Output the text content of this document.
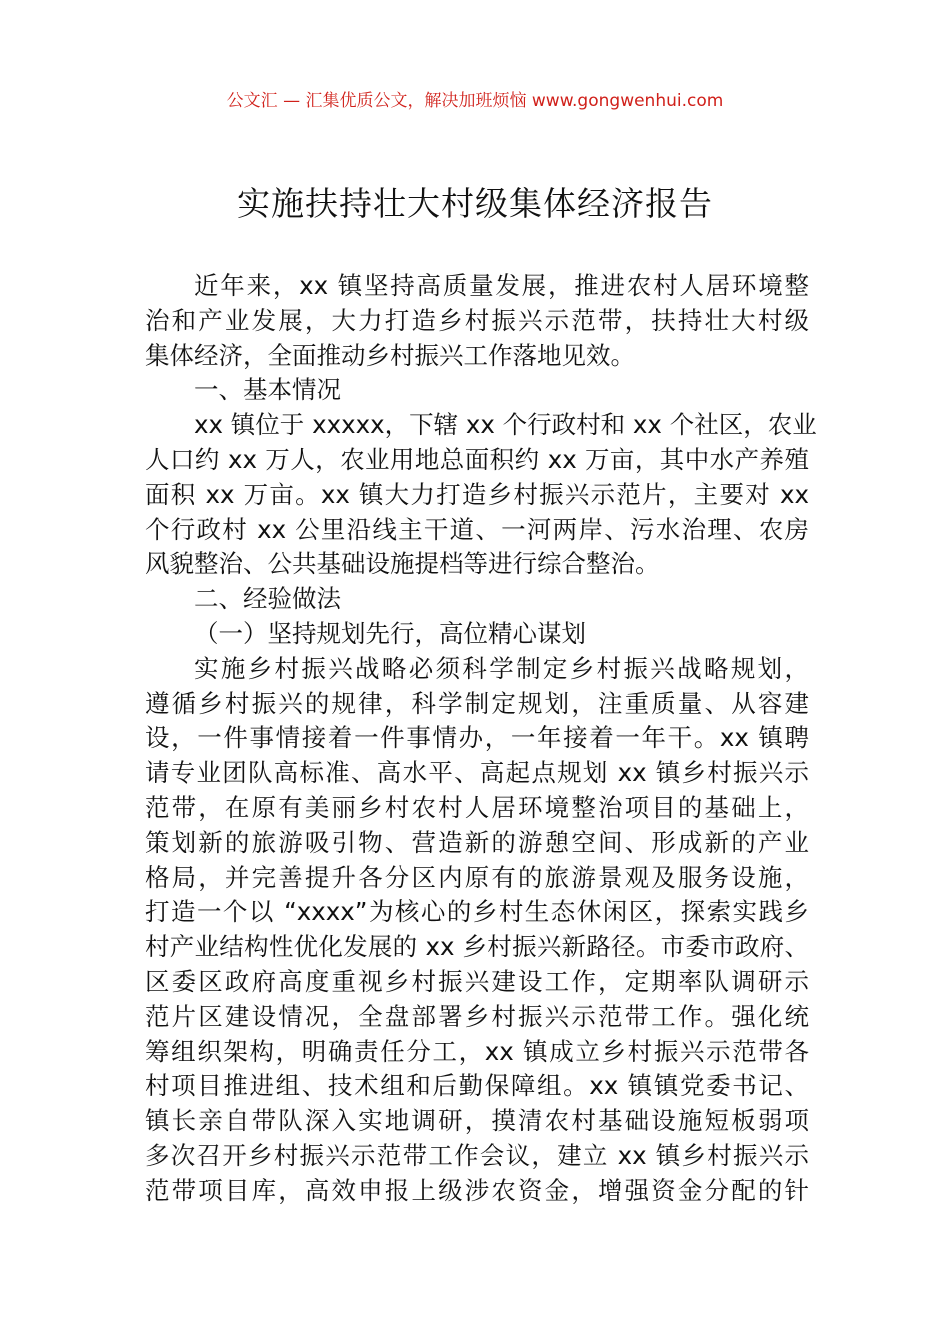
公文汇 — 汇集优质公文，解决加班烦恼 www.gongwenhui.com
实施扶持壮大村级集体经济报告
近年来，xx 镇坚持高质量发展，推进农村人居环境整
治和产业发展，大力打造乡村振兴示范带，扶持壮大村级
集体经济，全面推动乡村振兴工作落地见效。
一、基本情况
xx 镇位于 xxxxx，下辖 xx 个行政村和 xx 个社区，农业
人口约 xx 万人，农业用地总面积约 xx 万亩，其中水产养殖
面积 xx 万亩。xx 镇大力打造乡村振兴示范片，主要对 xx
个行政村 xx 公里沿线主干道、一河两岸、污水治理、农房
风貌整治、公共基础设施提档等进行综合整治。
二、经验做法
（一）坚持规划先行，高位精心谋划
实施乡村振兴战略必须科学制定乡村振兴战略规划，
遵循乡村振兴的规律，科学制定规划，注重质量、从容建
设，一件事情接着一件事情办，一年接着一年干。xx 镇聘
请专业团队高标准、高水平、高起点规划 xx 镇乡村振兴示
范带，在原有美丽乡村农村人居环境整治项目的基础上，
策划新的旅游吸引物、营造新的游憩空间、形成新的产业
格局，并完善提升各分区内原有的旅游景观及服务设施，
打造一个以 “xxxx”为核心的乡村生态休闲区，探索实践乡
村产业结构性优化发展的 xx 乡村振兴新路径。市委市政府、
区委区政府高度重视乡村振兴建设工作，定期率队调研示
范片区建设情况，全盘部署乡村振兴示范带工作。强化统
筹组织架构，明确责任分工，xx 镇成立乡村振兴示范带各
村项目推进组、技术组和后勤保障组。xx 镇镇党委书记、
镇长亲自带队深入实地调研，摸清农村基础设施短板弱项
多次召开乡村振兴示范带工作会议，建立 xx 镇乡村振兴示
范带项目库，高效申报上级涉农资金，增强资金分配的针
